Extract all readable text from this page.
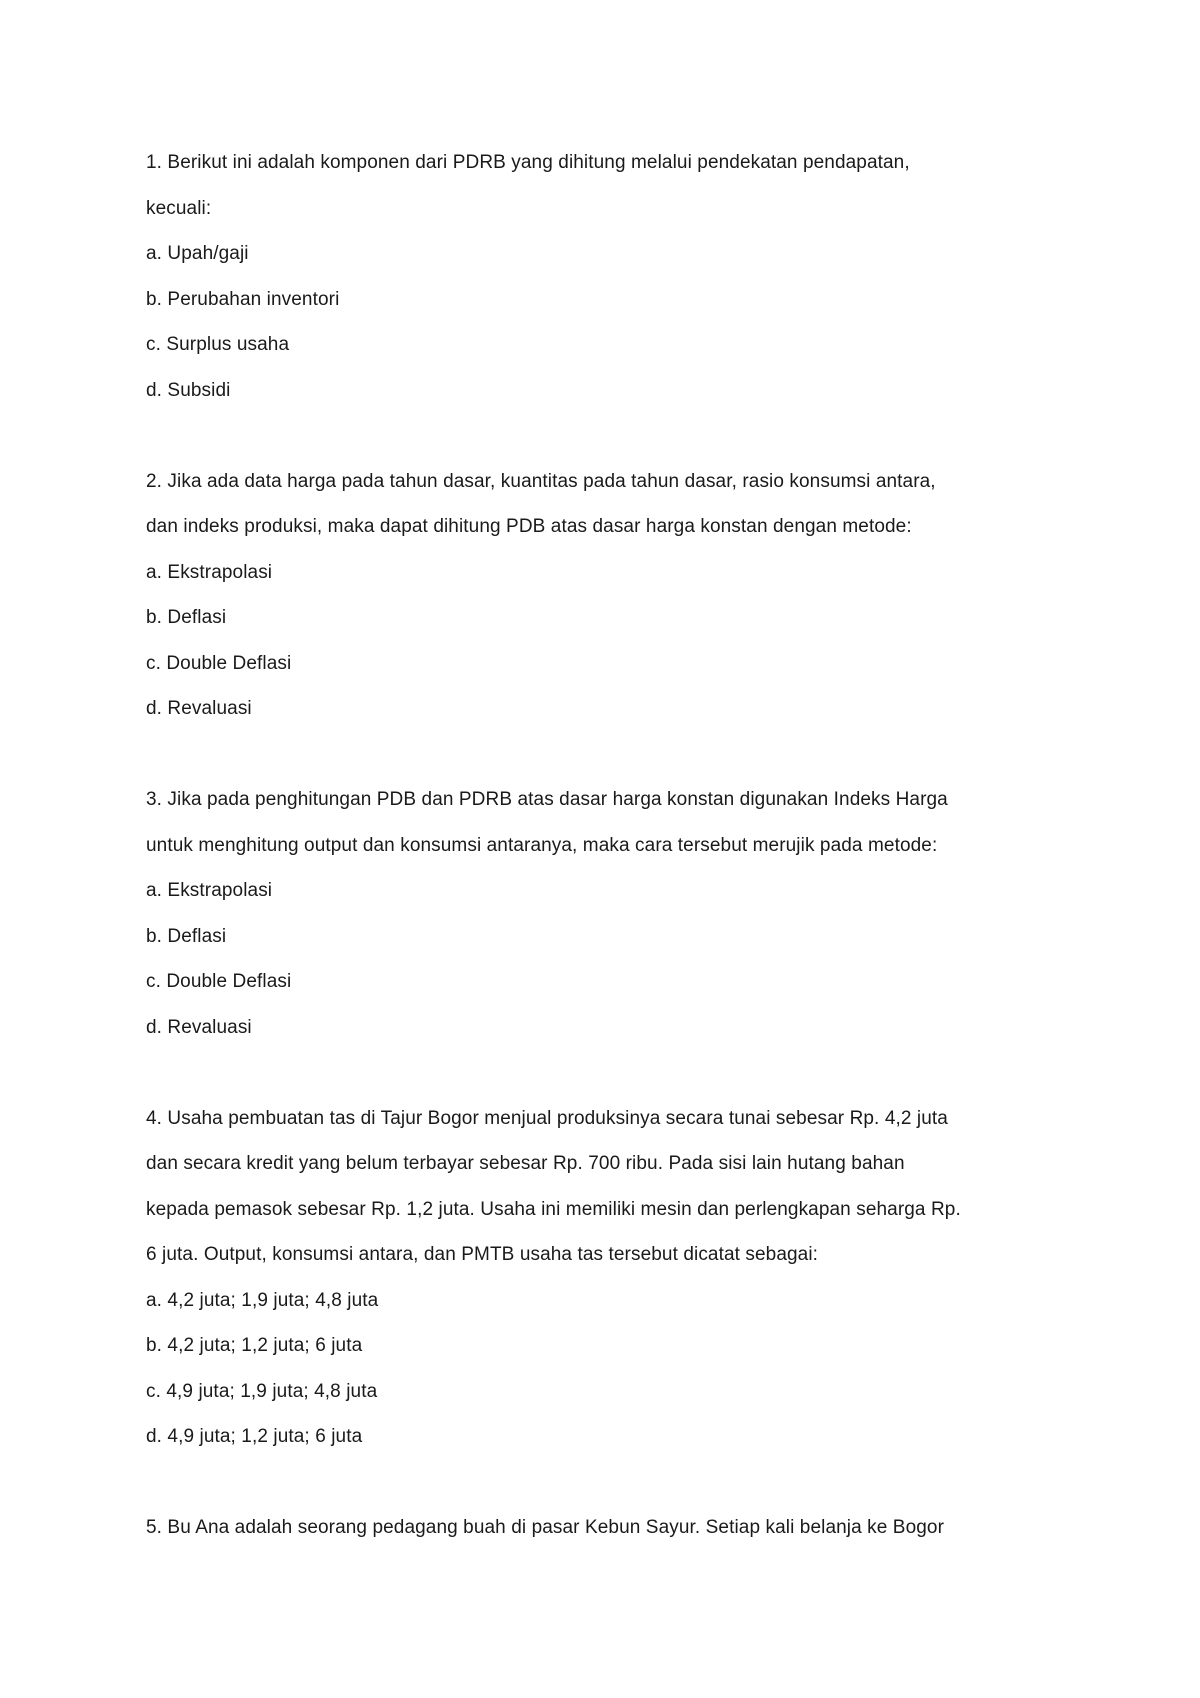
1. Berikut ini adalah komponen dari PDRB yang dihitung melalui pendekatan pendapatan,
kecuali:
a. Upah/gaji
b. Perubahan inventori
c. Surplus usaha
d. Subsidi
2. Jika ada data harga pada tahun dasar, kuantitas pada tahun dasar, rasio konsumsi antara,
dan indeks produksi, maka dapat dihitung PDB atas dasar harga konstan dengan metode:
a. Ekstrapolasi
b. Deflasi
c. Double Deflasi
d. Revaluasi
3. Jika pada penghitungan PDB dan PDRB atas dasar harga konstan digunakan Indeks Harga
untuk menghitung output dan konsumsi antaranya, maka cara tersebut merujik pada metode:
a. Ekstrapolasi
b. Deflasi
c. Double Deflasi
d. Revaluasi
4. Usaha pembuatan tas di Tajur Bogor menjual produksinya secara tunai sebesar Rp. 4,2 juta
dan secara kredit yang belum terbayar sebesar Rp. 700 ribu. Pada sisi lain hutang bahan
kepada pemasok sebesar Rp. 1,2 juta. Usaha ini memiliki mesin dan perlengkapan seharga Rp.
6 juta. Output, konsumsi antara, dan PMTB usaha tas tersebut dicatat sebagai:
a. 4,2 juta; 1,9 juta; 4,8 juta
b. 4,2 juta; 1,2 juta; 6 juta
c. 4,9 juta; 1,9 juta; 4,8 juta
d. 4,9 juta; 1,2 juta; 6 juta
5. Bu Ana adalah seorang pedagang buah di pasar Kebun Sayur. Setiap kali belanja ke Bogor
